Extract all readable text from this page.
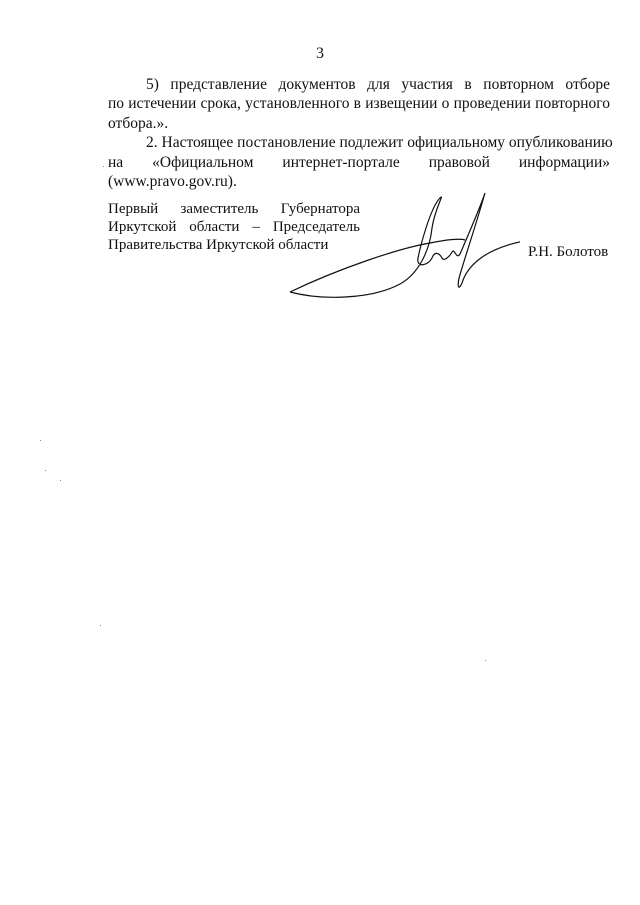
3
5) представление документов для участия в повторном отборе
по истечении срока, установленного в извещении о проведении повторного
отбора.».
2. Настоящее постановление подлежит официальному опубликованию
на «Официальном интернет-портале правовой информации»
(www.pravo.gov.ru).
Первый заместитель Губернатора
Иркутской области – Председатель
Правительства Иркутской области	Р.Н. Болотов
